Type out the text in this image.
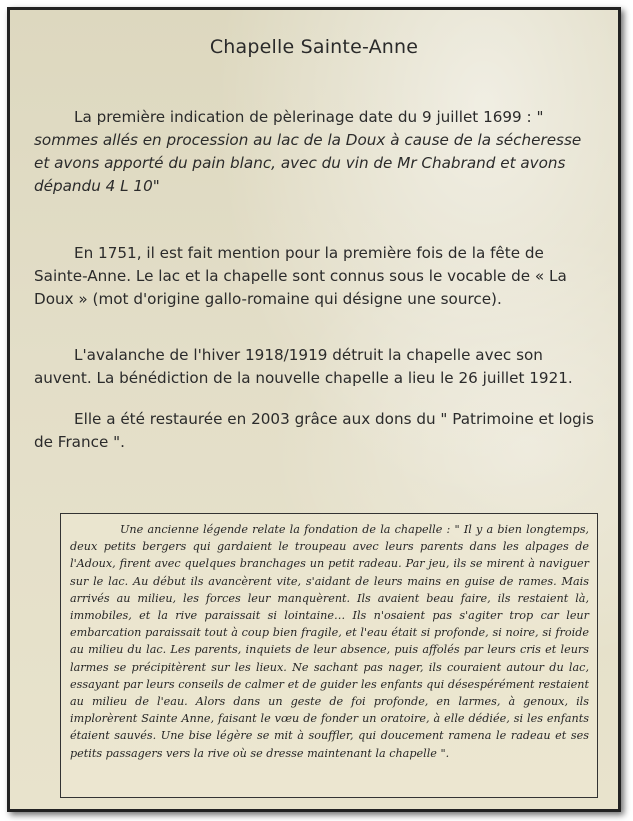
Chapelle Sainte-Anne
La première indication de pèlerinage date du 9 juillet 1699 : " sommes allés en procession au lac de la Doux à cause de la sécheresse et avons apporté du pain blanc, avec du vin de Mr Chabrand et avons dépandu 4 L 10"
En 1751, il est fait mention pour la première fois de la fête de Sainte-Anne. Le lac et la chapelle sont connus sous le vocable de « La Doux » (mot d'origine gallo-romaine qui désigne une source).
L'avalanche de l'hiver 1918/1919 détruit la chapelle avec son auvent. La bénédiction de la nouvelle chapelle a lieu le 26 juillet 1921.
Elle a été restaurée en 2003 grâce aux dons du " Patrimoine et logis de France ".

Une ancienne légende relate la fondation de la chapelle : " Il y a bien longtemps, deux petits bergers qui gardaient le troupeau avec leurs parents dans les alpages de l'Adoux, firent avec quelques branchages un petit radeau. Par jeu, ils se mirent à naviguer sur le lac. Au début ils avancèrent vite, s'aidant de leurs mains en guise de rames. Mais arrivés au milieu, les forces leur manquèrent. Ils avaient beau faire, ils restaient là, immobiles, et la rive paraissait si lointaine… Ils n'osaient pas s'agiter trop car leur embarcation paraissait tout à coup bien fragile, et l'eau était si profonde, si noire, si froide au milieu du lac. Les parents, inquiets de leur absence, puis affolés par leurs cris et leurs larmes se précipitèrent sur les lieux. Ne sachant pas nager, ils couraient autour du lac, essayant par leurs conseils de calmer et de guider les enfants qui désespérément restaient au milieu de l'eau. Alors dans un geste de foi profonde, en larmes, à genoux, ils implorèrent Sainte Anne, faisant le vœu de fonder un oratoire, à elle dédiée, si les enfants étaient sauvés. Une bise légère se mit à souffler, qui doucement ramena le radeau et ses petits passagers vers la rive où se dresse maintenant la chapelle ".
